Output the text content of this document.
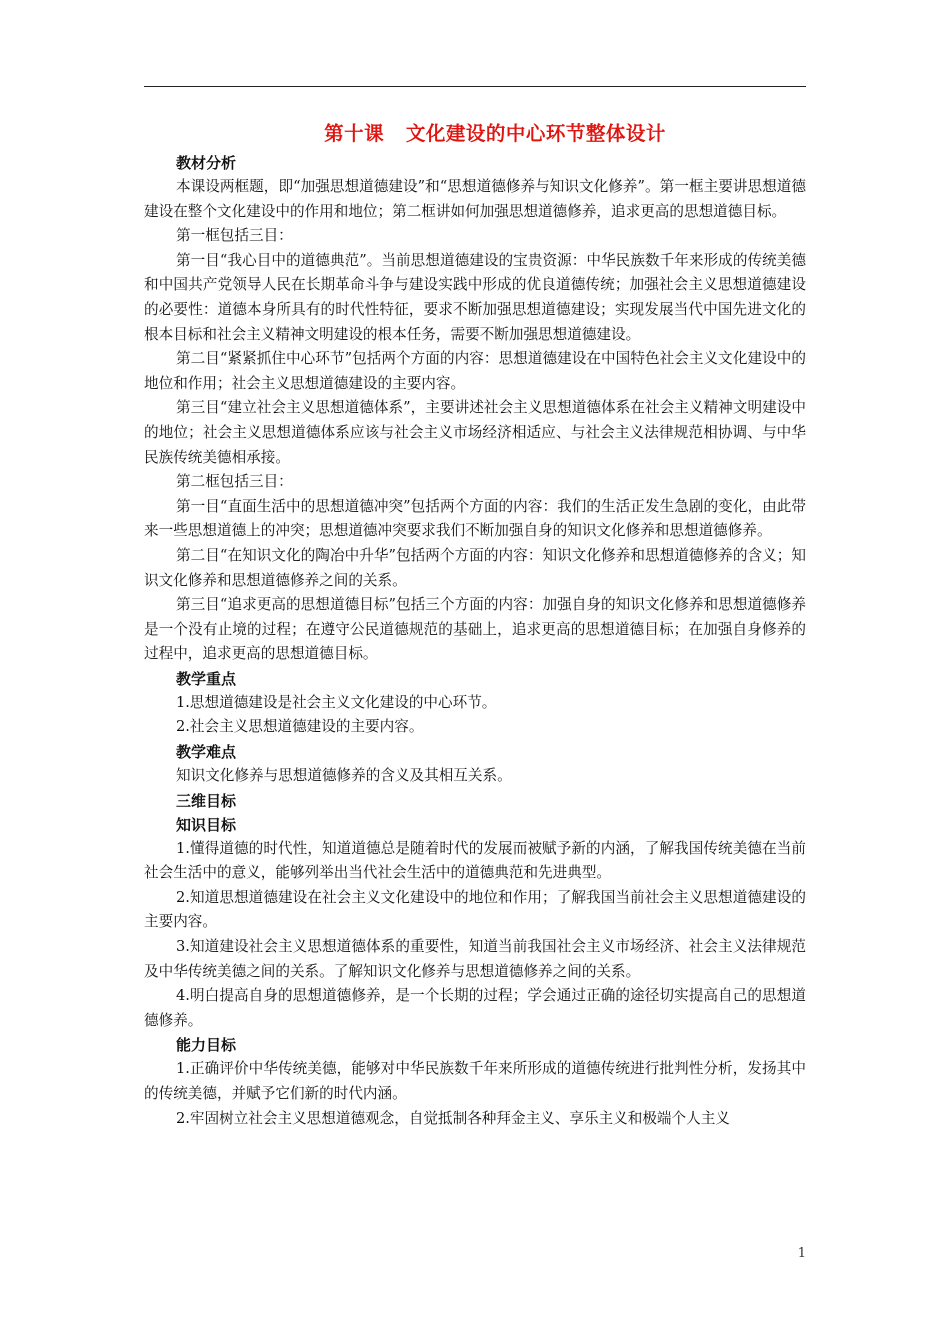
第十课   文化建设的中心环节整体设计

教材分析

本课设两框题，即“加强思想道德建设”和“思想道德修养与知识文化修养”。第一框主要讲思想道德建设在整个文化建设中的作用和地位；第二框讲如何加强思想道德修养，追求更高的思想道德目标。

第一框包括三目：

第一目“我心目中的道德典范”。当前思想道德建设的宝贵资源：中华民族数千年来形成的传统美德和中国共产党领导人民在长期革命斗争与建设实践中形成的优良道德传统；加强社会主义思想道德建设的必要性：道德本身所具有的时代性特征，要求不断加强思想道德建设；实现发展当代中国先进文化的根本目标和社会主义精神文明建设的根本任务，需要不断加强思想道德建设。

第二目“紧紧抓住中心环节”包括两个方面的内容：思想道德建设在中国特色社会主义文化建设中的地位和作用；社会主义思想道德建设的主要内容。

第三目“建立社会主义思想道德体系”，主要讲述社会主义思想道德体系在社会主义精神文明建设中的地位；社会主义思想道德体系应该与社会主义市场经济相适应、与社会主义法律规范相协调、与中华民族传统美德相承接。

第二框包括三目：

第一目“直面生活中的思想道德冲突”包括两个方面的内容：我们的生活正发生急剧的变化，由此带来一些思想道德上的冲突；思想道德冲突要求我们不断加强自身的知识文化修养和思想道德修养。

第二目“在知识文化的陶冶中升华”包括两个方面的内容：知识文化修养和思想道德修养的含义；知识文化修养和思想道德修养之间的关系。

第三目“追求更高的思想道德目标”包括三个方面的内容：加强自身的知识文化修养和思想道德修养是一个没有止境的过程；在遵守公民道德规范的基础上，追求更高的思想道德目标；在加强自身修养的过程中，追求更高的思想道德目标。

教学重点

1.思想道德建设是社会主义文化建设的中心环节。

2.社会主义思想道德建设的主要内容。

教学难点

知识文化修养与思想道德修养的含义及其相互关系。

三维目标

知识目标

1.懂得道德的时代性，知道道德总是随着时代的发展而被赋予新的内涵，了解我国传统美德在当前社会生活中的意义，能够列举出当代社会生活中的道德典范和先进典型。

2.知道思想道德建设在社会主义文化建设中的地位和作用；了解我国当前社会主义思想道德建设的主要内容。

3.知道建设社会主义思想道德体系的重要性，知道当前我国社会主义市场经济、社会主义法律规范及中华传统美德之间的关系。了解知识文化修养与思想道德修养之间的关系。

4.明白提高自身的思想道德修养，是一个长期的过程；学会通过正确的途径切实提高自己的思想道德修养。

能力目标

1.正确评价中华传统美德，能够对中华民族数千年来所形成的道德传统进行批判性分析，发扬其中的传统美德，并赋予它们新的时代内涵。

2.牢固树立社会主义思想道德观念，自觉抵制各种拜金主义、享乐主义和极端个人主义

1
